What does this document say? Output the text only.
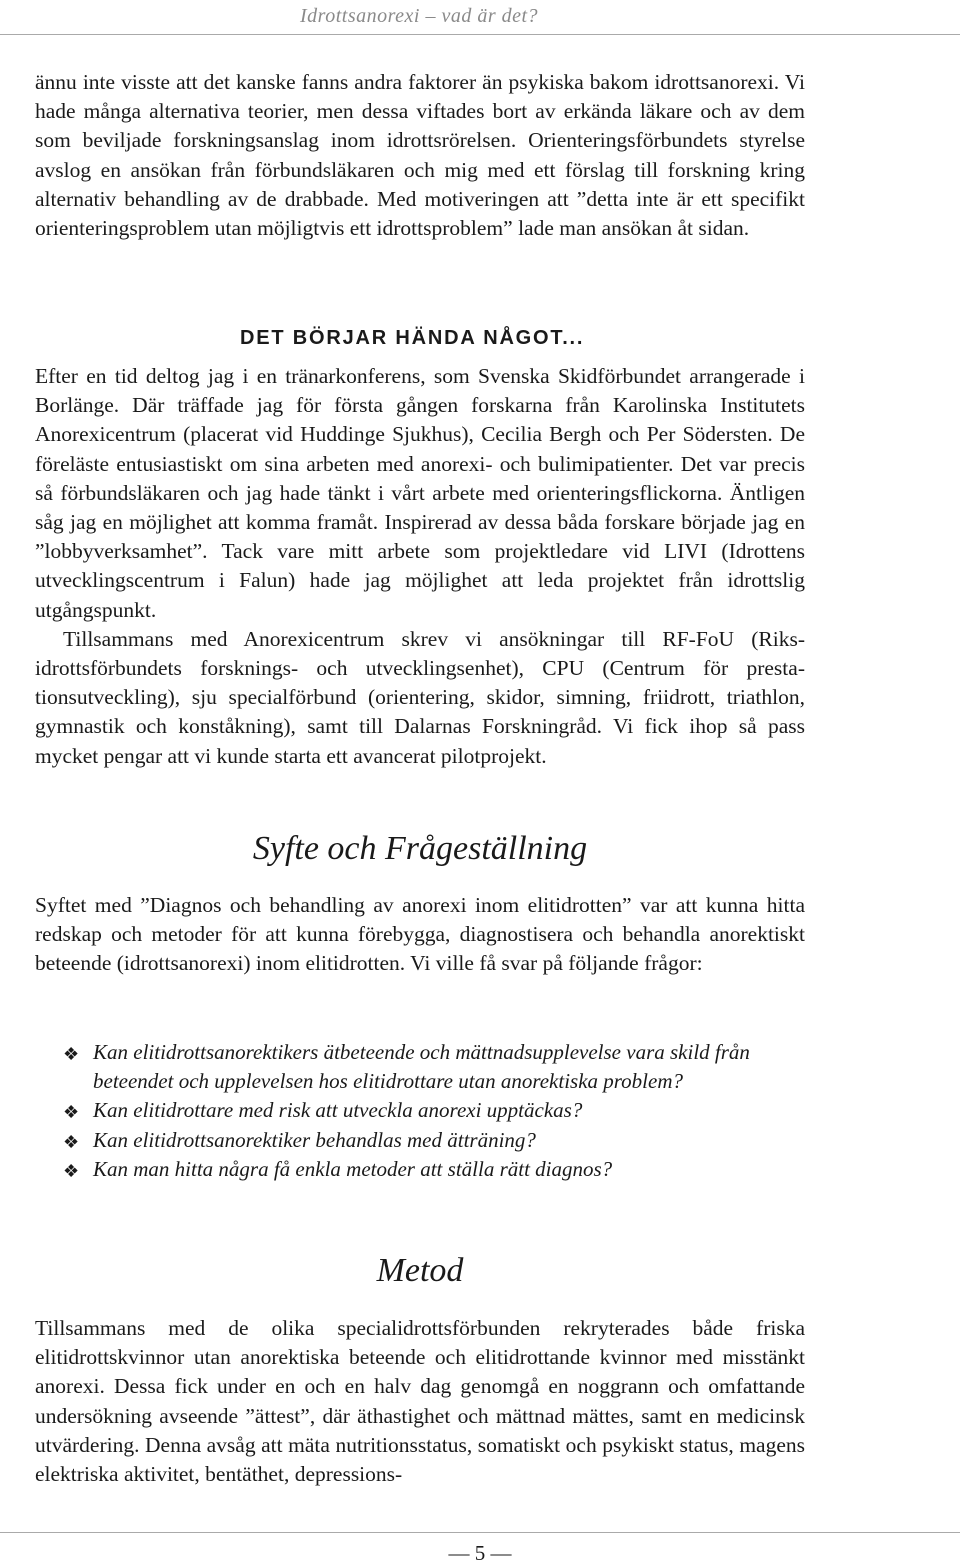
Idrottsanorexi – vad är det?

ännu inte visste att det kanske fanns andra faktorer än psykiska bakom idrottsanorexi. Vi hade många alternativa teorier, men dessa viftades bort av erkända läkare och av dem som beviljade forskningsanslag inom idrottsrörelsen. Orienteringsförbundets styrelse avslog en ansökan från förbundsläkaren och mig med ett förslag till forskning kring alternativ behandling av de drabbade. Med motiveringen att ”detta inte är ett specifikt orienteringsproblem utan möjligtvis ett idrottsproblem” lade man ansökan åt sidan.

DET BÖRJAR HÄNDA NÅGOT...

Efter en tid deltog jag i en tränarkonferens, som Svenska Skidförbundet arrangerade i Borlänge. Där träffade jag för första gången forskarna från Karolinska Institutets Anorexicentrum (placerat vid Huddinge Sjukhus), Cecilia Bergh och Per Södersten. De föreläste entusiastiskt om sina arbeten med anorexi- och bulimipatienter. Det var precis så förbundsläkaren och jag hade tänkt i vårt arbete med orienteringsflickorna. Äntligen såg jag en möjlighet att komma framåt. Inspirerad av dessa båda forskare började jag en ”lobbyverksamhet”. Tack vare mitt arbete som projektledare vid LIVI (Idrottens utvecklingscentrum i Falun) hade jag möjlighet att leda projektet från idrottslig utgångspunkt.

Tillsammans med Anorexicentrum skrev vi ansökningar till RF-FoU (Riksidrottsförbundets forsknings- och utvecklingsenhet), CPU (Centrum för prestationsutveckling), sju specialförbund (orientering, skidor, simning, friidrott, triathlon, gymnastik och konståkning), samt till Dalarnas Forskningråd. Vi fick ihop så pass mycket pengar att vi kunde starta ett avancerat pilotprojekt.

Syfte och Frågeställning

Syftet med ”Diagnos och behandling av anorexi inom elitidrotten” var att kunna hitta redskap och metoder för att kunna förebygga, diagnostisera och behandla anorektiskt beteende (idrottsanorexi) inom elitidrotten. Vi ville få svar på följande frågor:

❖ Kan elitidrottsanorektikers ätbeteende och mättnadsupplevelse vara skild från beteendet och upplevelsen hos elitidrottare utan anorektiska problem?
❖ Kan elitidrottare med risk att utveckla anorexi upptäckas?
❖ Kan elitidrottsanorektiker behandlas med ätträning?
❖ Kan man hitta några få enkla metoder att ställa rätt diagnos?
Metod

Tillsammans med de olika specialidrottsförbunden rekryterades både friska elitidrottskvinnor utan anorektiska beteende och elitidrottande kvinnor med misstänkt anorexi. Dessa fick under en och en halv dag genomgå en noggrann och omfattande undersökning avseende ”ättest”, där äthastighet och mättnad mättes, samt en medicinsk utvärdering. Denna avsåg att mäta nutritionsstatus, somatiskt och psykiskt status, magens elektriska aktivitet, bentäthet, depressions-

— 5 —
